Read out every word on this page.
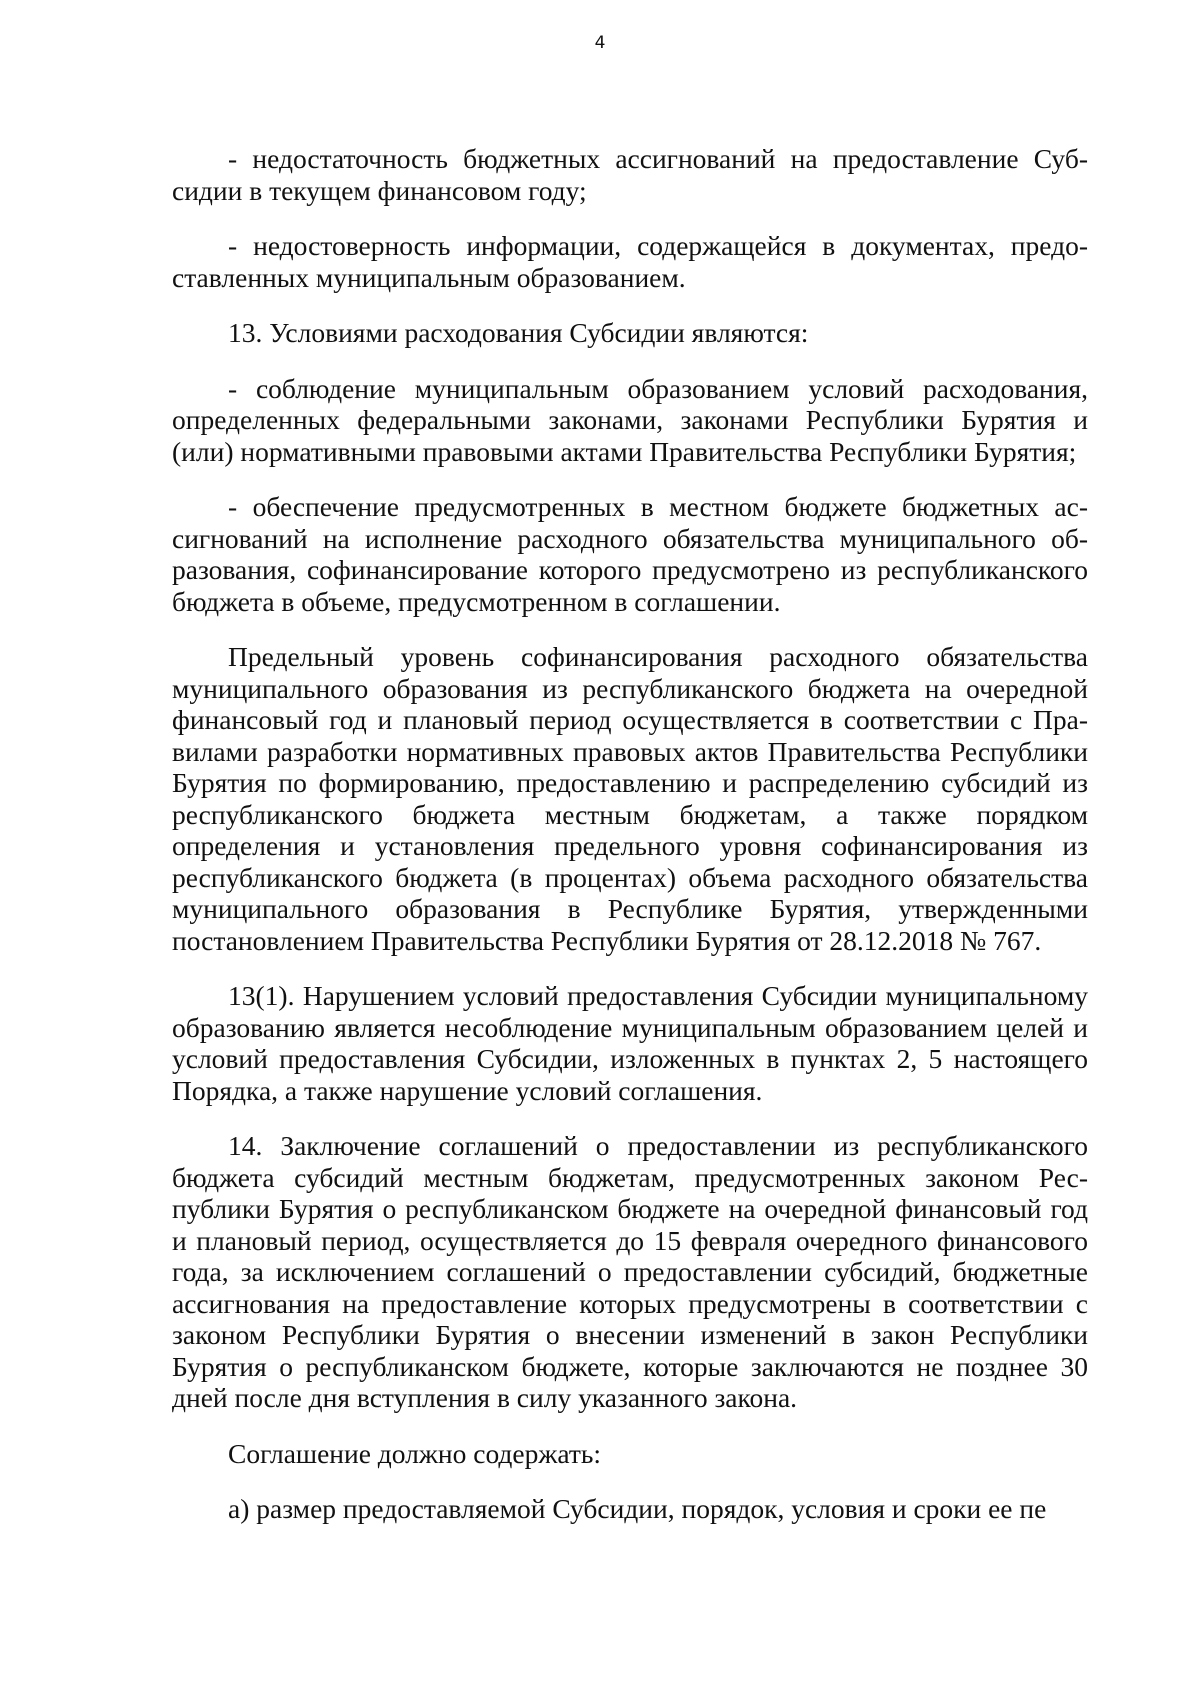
4

- недостаточность бюджетных ассигнований на предоставление Субсидии в текущем финансовом году;

- недостоверность информации, содержащейся в документах, предоставленных муниципальным образованием.

13. Условиями расходования Субсидии являются:

- соблюдение муниципальным образованием условий расходования, определенных федеральными законами, законами Республики Бурятия и (или) нормативными правовыми актами Правительства Республики Бурятия;

- обеспечение предусмотренных в местном бюджете бюджетных ассигнований на исполнение расходного обязательства муниципального образования, софинансирование которого предусмотрено из республиканского бюджета в объеме, предусмотренном в соглашении.

Предельный уровень софинансирования расходного обязательства муниципального образования из республиканского бюджета на очередной финансовый год и плановый период осуществляется в соответствии с Правилами разработки нормативных правовых актов Правительства Республики Бурятия по формированию, предоставлению и распределению субсидий из республиканского бюджета местным бюджетам, а также порядком определения и установления предельного уровня софинансирования из республиканского бюджета (в процентах) объема расходного обязательства муниципального образования в Республике Бурятия, утвержденными постановлением Правительства Республики Бурятия от 28.12.2018 № 767.

13(1). Нарушением условий предоставления Субсидии муниципальному образованию является несоблюдение муниципальным образованием целей и условий предоставления Субсидии, изложенных в пунктах 2, 5 настоящего Порядка, а также нарушение условий соглашения.

14. Заключение соглашений о предоставлении из республиканского бюджета субсидий местным бюджетам, предусмотренных законом Республики Бурятия о республиканском бюджете на очередной финансовый год и плановый период, осуществляется до 15 февраля очередного финансового года, за исключением соглашений о предоставлении субсидий, бюджетные ассигнования на предоставление которых предусмотрены в соответствии с законом Республики Бурятия о внесении изменений в закон Республики Бурятия о республиканском бюджете, которые заключаются не позднее 30 дней после дня вступления в силу указанного закона.

Соглашение должно содержать:

а) размер предоставляемой Субсидии, порядок, условия и сроки ее пе
